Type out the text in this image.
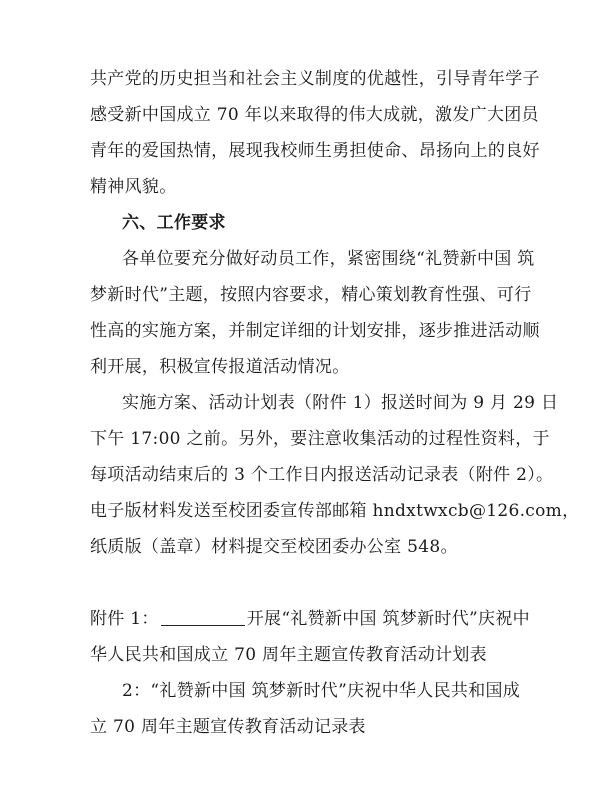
共产党的历史担当和社会主义制度的优越性，引导青年学子
感受新中国成立 70 年以来取得的伟大成就，激发广大团员
青年的爱国热情，展现我校师生勇担使命、昂扬向上的良好
精神风貌。
六、工作要求
各单位要充分做好动员工作，紧密围绕“礼赞新中国 筑
梦新时代”主题，按照内容要求，精心策划教育性强、可行
性高的实施方案，并制定详细的计划安排，逐步推进活动顺
利开展，积极宣传报道活动情况。
实施方案、活动计划表（附件 1）报送时间为 9 月 29 日
下午 17:00 之前。另外，要注意收集活动的过程性资料，于
每项活动结束后的 3 个工作日内报送活动记录表（附件 2）。
电子版材料发送至校团委宣传部邮箱 hndxtwxcb@126.com，
纸质版（盖章）材料提交至校团委办公室 548。
附件 1：	开展“礼赞新中国 筑梦新时代”庆祝中
华人民共和国成立 70 周年主题宣传教育活动计划表
2：“礼赞新中国 筑梦新时代”庆祝中华人民共和国成
立 70 周年主题宣传教育活动记录表
